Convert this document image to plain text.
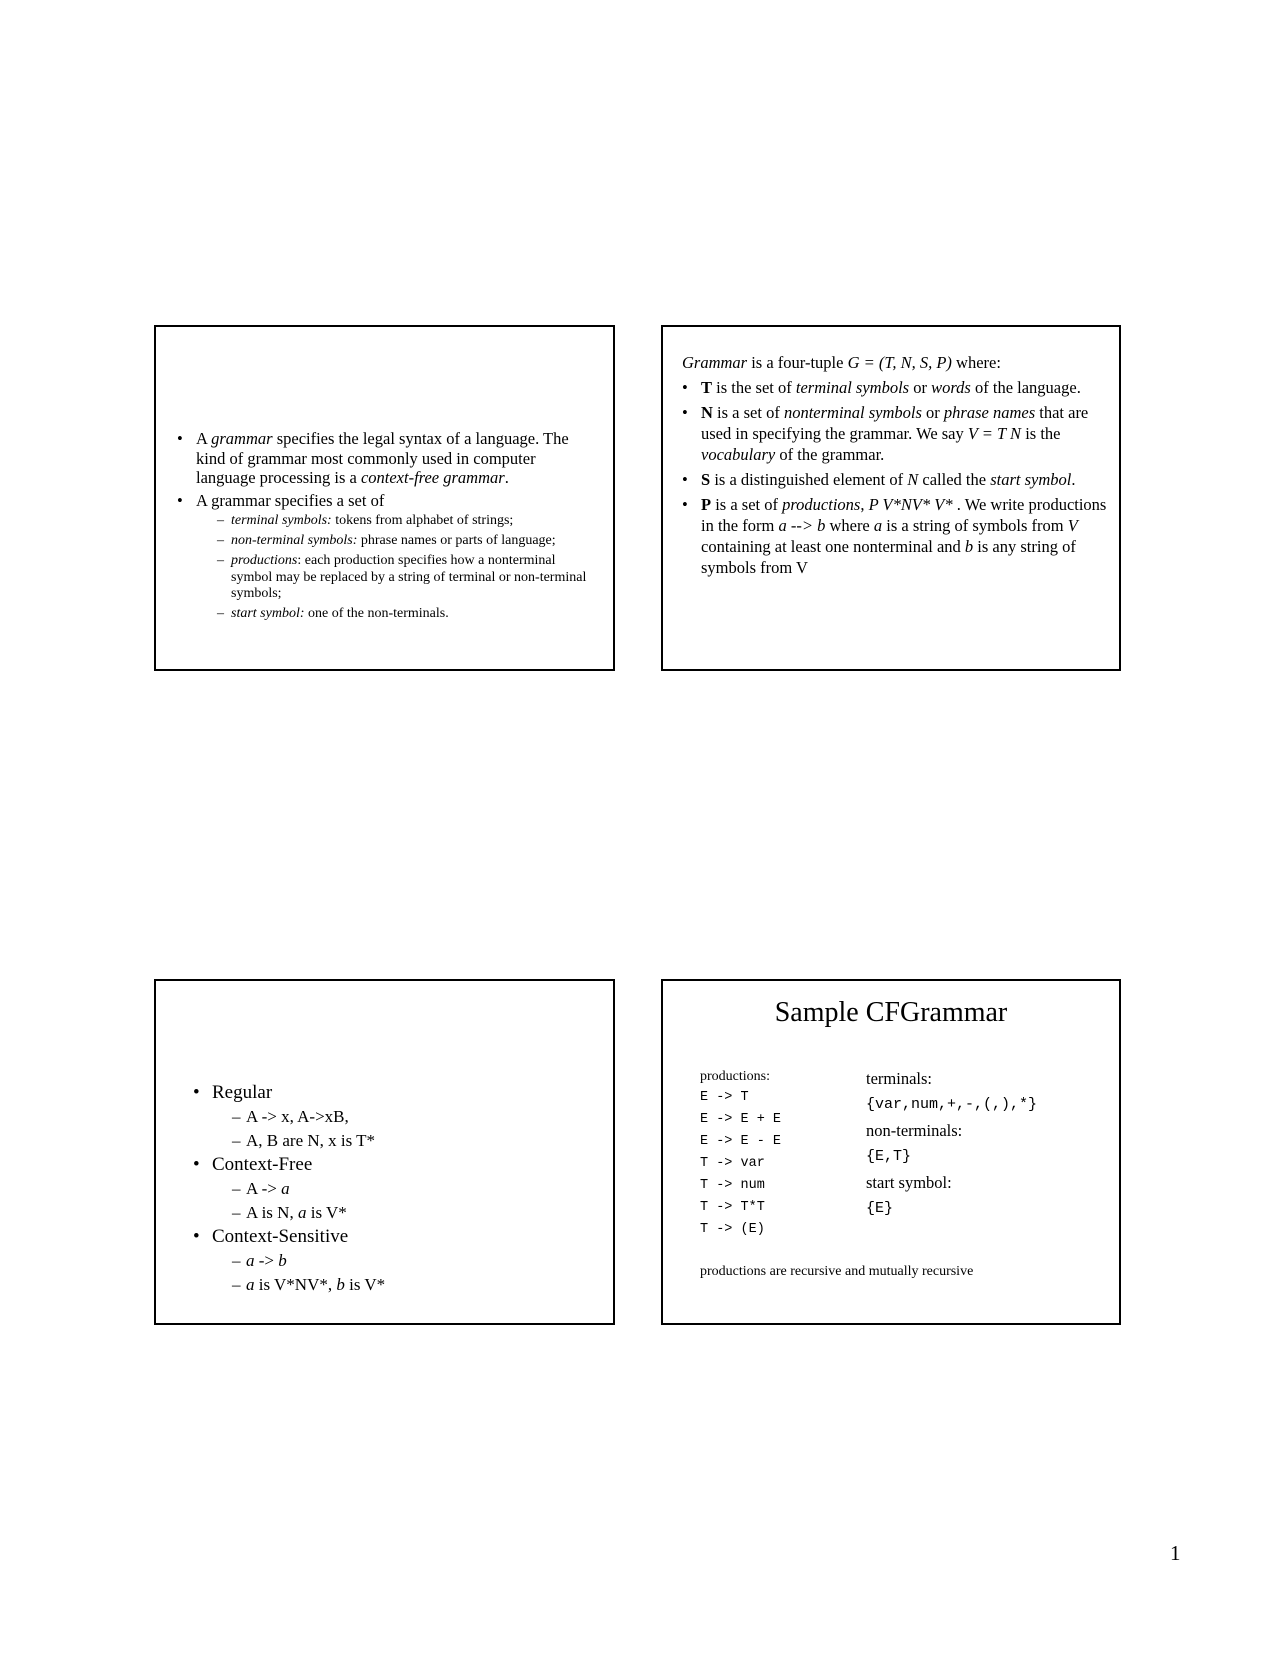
• A grammar specifies the legal syntax of a language. The kind of grammar most commonly used in computer language processing is a context-free grammar.
• A grammar specifies a set of
– terminal symbols: tokens from alphabet of strings;
– non-terminal symbols: phrase names or parts of language;
– productions: each production specifies how a nonterminal symbol may be replaced by a string of terminal or non-terminal symbols;
– start symbol: one of the non-terminals.

Grammar is a four-tuple G = (T, N, S, P) where:

• T is the set of terminal symbols or words of the language.
• N is a set of nonterminal symbols or phrase names that are used in specifying the grammar. We say V = T N is the vocabulary of the grammar.
• S is a distinguished element of N called the start symbol.
• P is a set of productions, P V*NV* V* . We write productions in the form a --> b where a is a string of symbols from V containing at least one nonterminal and b is any string of symbols from V
• Regular
– A -> x, A->xB,
– A, B are N, x is T*
• Context-Free
– A -> a
– A is N, a is V*
• Context-Sensitive
– a -> b
– a is V*NV*, b is V*
Sample CFGrammar
productions:
E -> T
E -> E + E
E -> E - E
T -> var
T -> num
T -> T*T
T -> (E)
terminals:
{var,num,+,-,(,),*}
non-terminals:
{E,T}
start symbol:
{E}
productions are recursive and mutually recursive
1
